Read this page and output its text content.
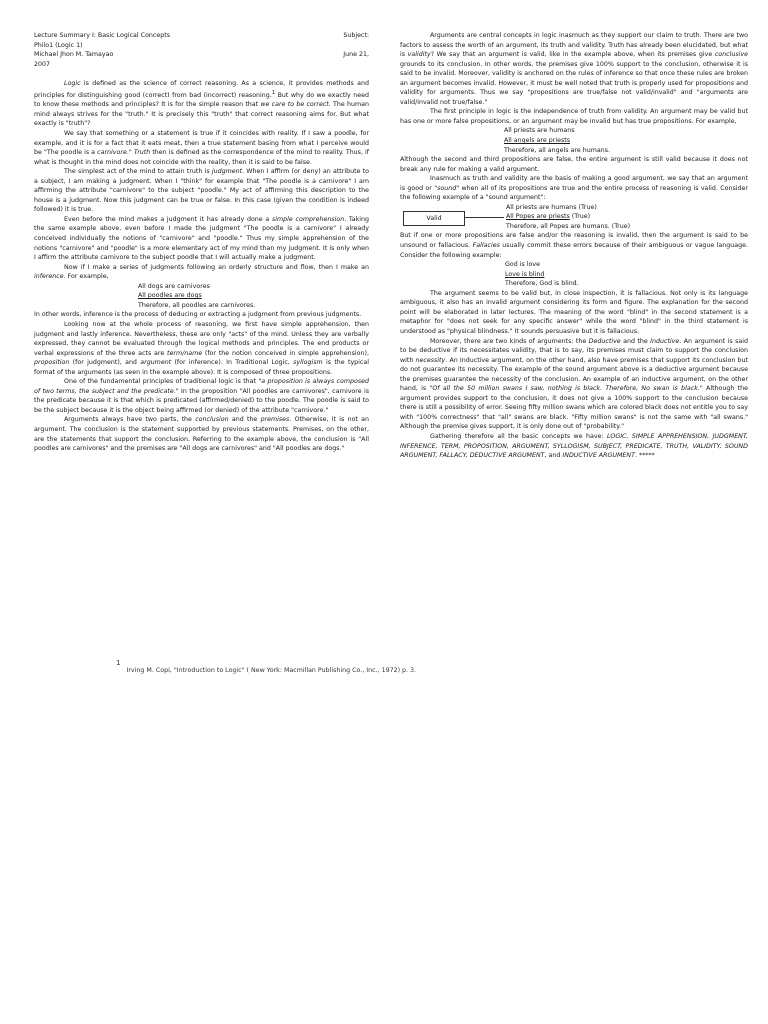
Lecture Summary I: Basic Logical Concepts	Subject:
Philo1 (Logic 1)
Michael Jhon M. Tamayao	June 21,
2007

Logic is defined as the science of correct reasoning. As a science, it provides methods and principles for distinguishing good (correct) from bad (incorrect) reasoning.$^1$ But why do we exactly need to know these methods and principles? It is for the simple reason that we care to be correct. The human mind always strives for the "truth." It is precisely this "truth" that correct reasoning aims for. But what exactly is "truth"?

We say that something or a statement is true if it coincides with reality. If I saw a poodle, for example, and it is for a fact that it eats meat, then a true statement basing from what I perceive would be "The poodle is a carnivore." Truth then is defined as the correspondence of the mind to reality. Thus, if what is thought in the mind does not coincide with the reality, then it is said to be false.

The simplest act of the mind to attain truth is judgment. When I affirm (or deny) an attribute to a subject, I am making a judgment. When I "think" for example that "The poodle is a carnivore" I am affirming the attribute "carnivore" to the subject "poodle." My act of affirming this description to the house is a judgment. Now this judgment can be true or false. In this case (given the condition is indeed followed) it is true.

Even before the mind makes a judgment it has already done a simple comprehension. Taking the same example above, even before I made the judgment "The poodle is a carnivore" I already conceived individually the notions of "carnivore" and "poodle." Thus my simple apprehension of the notions "carnivore" and "poodle" is a more elementary act of my mind than my judgment. It is only when I affirm the attribute carnivore to the subject poodle that I will actually make a judgment.

Now if I make a series of judgments following an orderly structure and flow, then I make an inference. For example,

All dogs are carnivores
All poodles are dogs
Therefore, all poodles are carnivores.

In other words, inference is the process of deducing or extracting a judgment from previous judgments.

Looking now at the whole process of reasoning, we first have simple apprehension, then judgment and lastly inference. Nevertheless, these are only "acts" of the mind. Unless they are verbally expressed, they cannot be evaluated through the logical methods and principles. The end products or verbal expressions of the three acts are term/name (for the notion conceived in simple apprehension), proposition (for judgment), and argument (for inference). In Traditional Logic, syllogism is the typical format of the arguments (as seen in the example above). It is composed of three propositions.

One of the fundamental principles of traditional logic is that "a proposition is always composed of two terms, the subject and the predicate." In the proposition "All poodles are carnivores", carnivore is the predicate because it is that which is predicated (affirmed/denied) to the poodle. The poodle is said to be the subject because it is the object being affirmed (or denied) of the attribute "carnivore."

Arguments always have two parts, the conclusion and the premises. Otherwise, it is not an argument. The conclusion is the statement supported by previous statements. Premises, on the other, are the statements that support the conclusion. Referring to the example above, the conclusion is "All poodles are carnivores" and the premises are "All dogs are carnivores" and "All poodles are dogs."

Arguments are central concepts in logic inasmuch as they support our claim to truth. There are two factors to assess the worth of an argument, its truth and validity. Truth has already been elucidated, but what is validity? We say that an argument is valid, like in the example above, when its premises give conclusive grounds to its conclusion. In other words, the premises give 100% support to the conclusion, otherwise it is said to be invalid. Moreover, validity is anchored on the rules of inference so that once these rules are broken an argument becomes invalid. However, it must be well noted that truth is properly used for propositions and validity for arguments. Thus we say "propositions are true/false not valid/invalid" and "arguments are valid/invalid not true/false."

The first principle in logic is the independence of truth from validity. An argument may be valid but has one or more false propositions, or an argument may be invalid but has true propositions. For example,

All priests are humans
All angels are priests
Therefore, all angels are humans.

Although the second and third propositions are false, the entire argument is still valid because it does not break any rule for making a valid argument.

Inasmuch as truth and validity are the basis of making a good argument, we say that an argument is good or "sound" when all of its propositions are true and the entire process of reasoning is valid. Consider the following example of a "sound argument":

Valid
All priests are humans (True)
All Popes are priests (True)
Therefore, all Popes are humans. (True)

But if one or more propositions are false and/or the reasoning is invalid, then the argument is said to be unsound or fallacious. Fallacies usually commit these errors because of their ambiguous or vague language. Consider the following example:

God is love
Love is blind
Therefore, God is blind.

The argument seems to be valid but, in close inspection, it is fallacious. Not only is its language ambiguous, it also has an invalid argument considering its form and figure. The explanation for the second point will be elaborated in later lectures. The meaning of the word "blind" in the second statement is a metaphor for "does not seek for any specific answer" while the word "blind" in the third statement is understood as "physical blindness." It sounds persuasive but it is fallacious.

Moreover, there are two kinds of arguments: the Deductive and the Inductive. An argument is said to be deductive if its necessitates validity, that is to say, its premises must claim to support the conclusion with necessity. An Inductive argument, on the other hand, also have premises that support its conclusion but do not guarantee its necessity. The example of the sound argument above is a deductive argument because the premises guarantee the necessity of the conclusion. An example of an inductive argument, on the other hand, is "Of all the 50 million swans I saw, nothing is black. Therefore, No swan is black." Although the argument provides support to the conclusion, it does not give a 100% support to the conclusion because there is still a possibility of error. Seeing fifty million swans which are colored black does not entitle you to say with "100% correctness" that "all" swans are black. "Fifty million swans" is not the same with "all swans." Although the premise gives support, it is only done out of "probability."

Gathering therefore all the basic concepts we have: LOGIC, SIMPLE APPREHENSION, JUDGMENT, INFERENCE, TERM, PROPOSITION, ARGUMENT, SYLLOGISM, SUBJECT, PREDICATE, TRUTH, VALIDITY, SOUND ARGUMENT, FALLACY, DEDUCTIVE ARGUMENT, and INDUCTIVE ARGUMENT. *****

$^1$Irving M. Copi, "Introduction to Logic" ( New York: Macmillan Publishing Co., Inc., 1972) p. 3.
